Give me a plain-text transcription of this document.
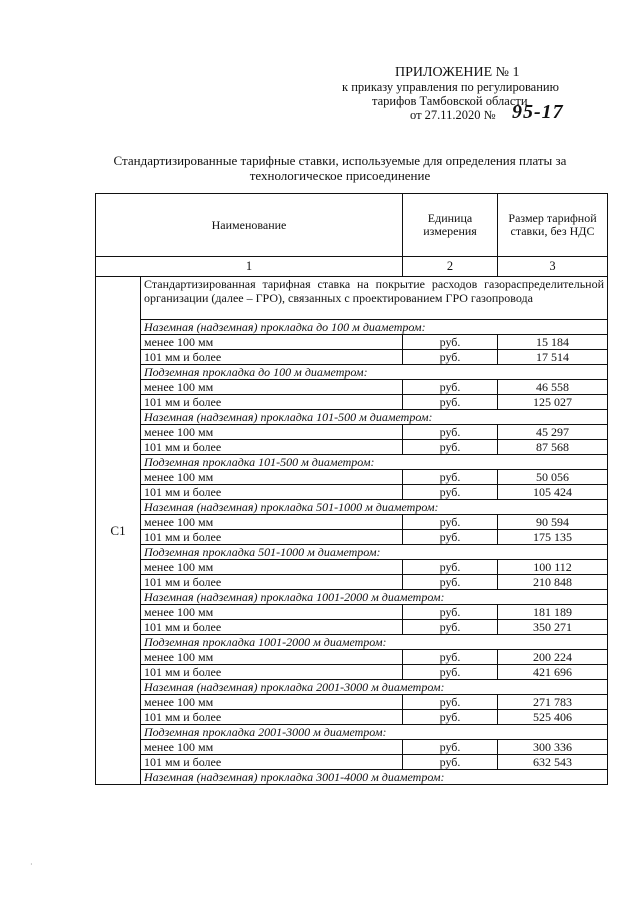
ПРИЛОЖЕНИЕ № 1
к приказу управления по регулированию
тарифов Тамбовской области
от 27.11.2020 № 95-17
Стандартизированные тарифные ставки, используемые для определения платы за
технологическое присоединение
Наименование		Единица измерения	Размер тарифной ставки, без НДС
1		2	3
С1	Стандартизированная тарифная ставка на покрытие расходов газораспределительной организации (далее – ГРО), связанных с проектированием ГРО газопровода		
	Наземная (надземная) прокладка до 100 м диаметром:		
	менее 100 мм	руб.	15 184
	101 мм и более	руб.	17 514
	Подземная прокладка до 100 м диаметром:		
	менее 100 мм	руб.	46 558
	101 мм и более	руб.	125 027
	Наземная (надземная) прокладка 101-500 м диаметром:		
	менее 100 мм	руб.	45 297
	101 мм и более	руб.	87 568
	Подземная прокладка 101-500 м диаметром:		
	менее 100 мм	руб.	50 056
	101 мм и более	руб.	105 424
	Наземная (надземная) прокладка 501-1000 м диаметром:		
	менее 100 мм	руб.	90 594
	101 мм и более	руб.	175 135
	Подземная прокладка 501-1000 м диаметром:		
	менее 100 мм	руб.	100 112
	101 мм и более	руб.	210 848
	Наземная (надземная) прокладка 1001-2000 м диаметром:		
	менее 100 мм	руб.	181 189
	101 мм и более	руб.	350 271
	Подземная прокладка 1001-2000 м диаметром:		
	менее 100 мм	руб.	200 224
	101 мм и более	руб.	421 696
	Наземная (надземная) прокладка 2001-3000 м диаметром:		
	менее 100 мм	руб.	271 783
	101 мм и более	руб.	525 406
	Подземная прокладка 2001-3000 м диаметром:		
	менее 100 мм	руб.	300 336
	101 мм и более	руб.	632 543
	Наземная (надземная) прокладка 3001-4000 м диаметром:		
·
